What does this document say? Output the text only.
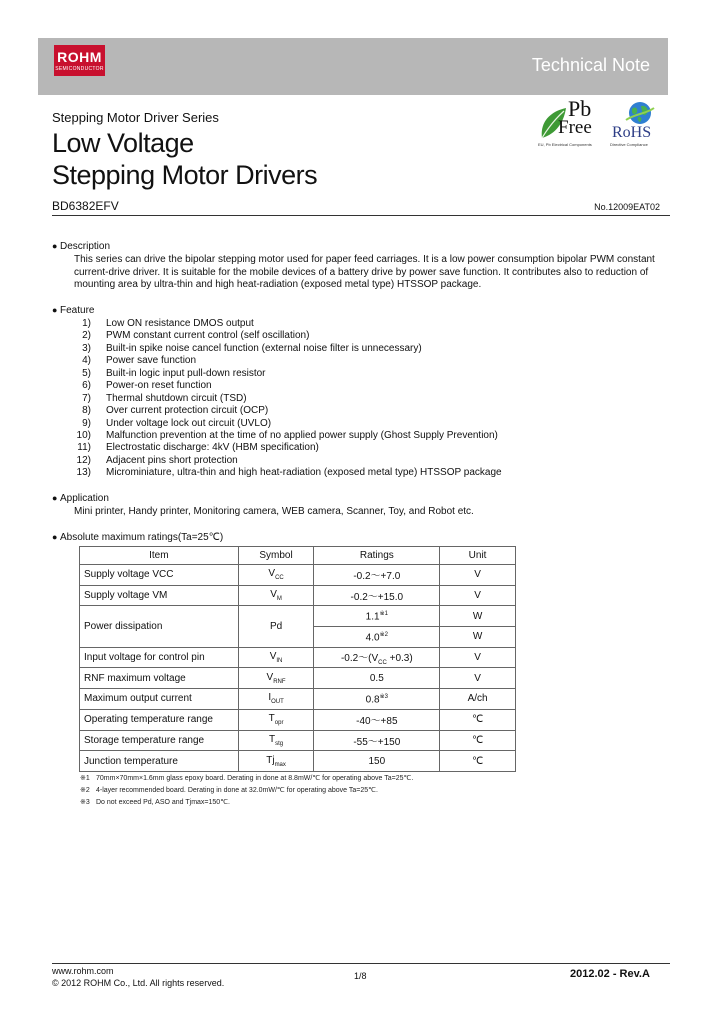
ROHM
SEMICONDUCTOR	Technical Note
Stepping Motor Driver Series
Low Voltage
Stepping Motor Drivers
BD6382EFV	No.12009EAT02
Pb
Free
EU, Pb Electrical Components
RoHS
Directive Compliance
● Description
This series can drive the bipolar stepping motor used for paper feed carriages. It is a low power consumption bipolar PWM constant current-drive driver. It is suitable for the mobile devices of a battery drive by power save function. It contributes also to reduction of mounting area by ultra-thin and high heat-radiation (exposed metal type) HTSSOP package.
● Feature
1) Low ON resistance DMOS output
2) PWM constant current control (self oscillation)
3) Built-in spike noise cancel function (external noise filter is unnecessary)
4) Power save function
5) Built-in logic input pull-down resistor
6) Power-on reset function
7) Thermal shutdown circuit (TSD)
8) Over current protection circuit (OCP)
9) Under voltage lock out circuit (UVLO)
10) Malfunction prevention at the time of no applied power supply (Ghost Supply Prevention)
11) Electrostatic discharge: 4kV (HBM specification)
12) Adjacent pins short protection
13) Microminiature, ultra-thin and high heat-radiation (exposed metal type) HTSSOP package
● Application
Mini printer, Handy printer, Monitoring camera, WEB camera, Scanner, Toy, and Robot etc.
● Absolute maximum ratings(Ta=25℃)
Item	Symbol	Ratings	Unit
Supply voltage VCC	$V_{CC}$	-0.2～+7.0	V
Supply voltage VM	$V_M$	-0.2～+15.0	V
Power dissipation	Pd	1.1$^{※1}$	W
		4.0$^{※2}$	W
Input voltage for control pin	$V_{IN}$	$-0.2\sim(V_{CC} +0.3)$	V
RNF maximum voltage	$V_{RNF}$	0.5	V
Maximum output current	$I_{OUT}$	0.8$^{※3}$	A/ch
Operating temperature range	$T_{opr}$	-40～+85	℃
Storage temperature range	$T_{stg}$	-55～+150	℃
Junction temperature	$Tj_{max}$	150	℃
※1 70mm×70mm×1.6mm glass epoxy board. Derating in done at 8.8mW/℃ for operating above Ta=25℃.
※2 4-layer recommended board. Derating in done at 32.0mW/℃ for operating above Ta=25℃.
※3 Do not exceed Pd, ASO and Tjmax=150℃.
www.rohm.com
© 2012 ROHM Co., Ltd. All rights reserved.
1/8	2012.02 - Rev.A
